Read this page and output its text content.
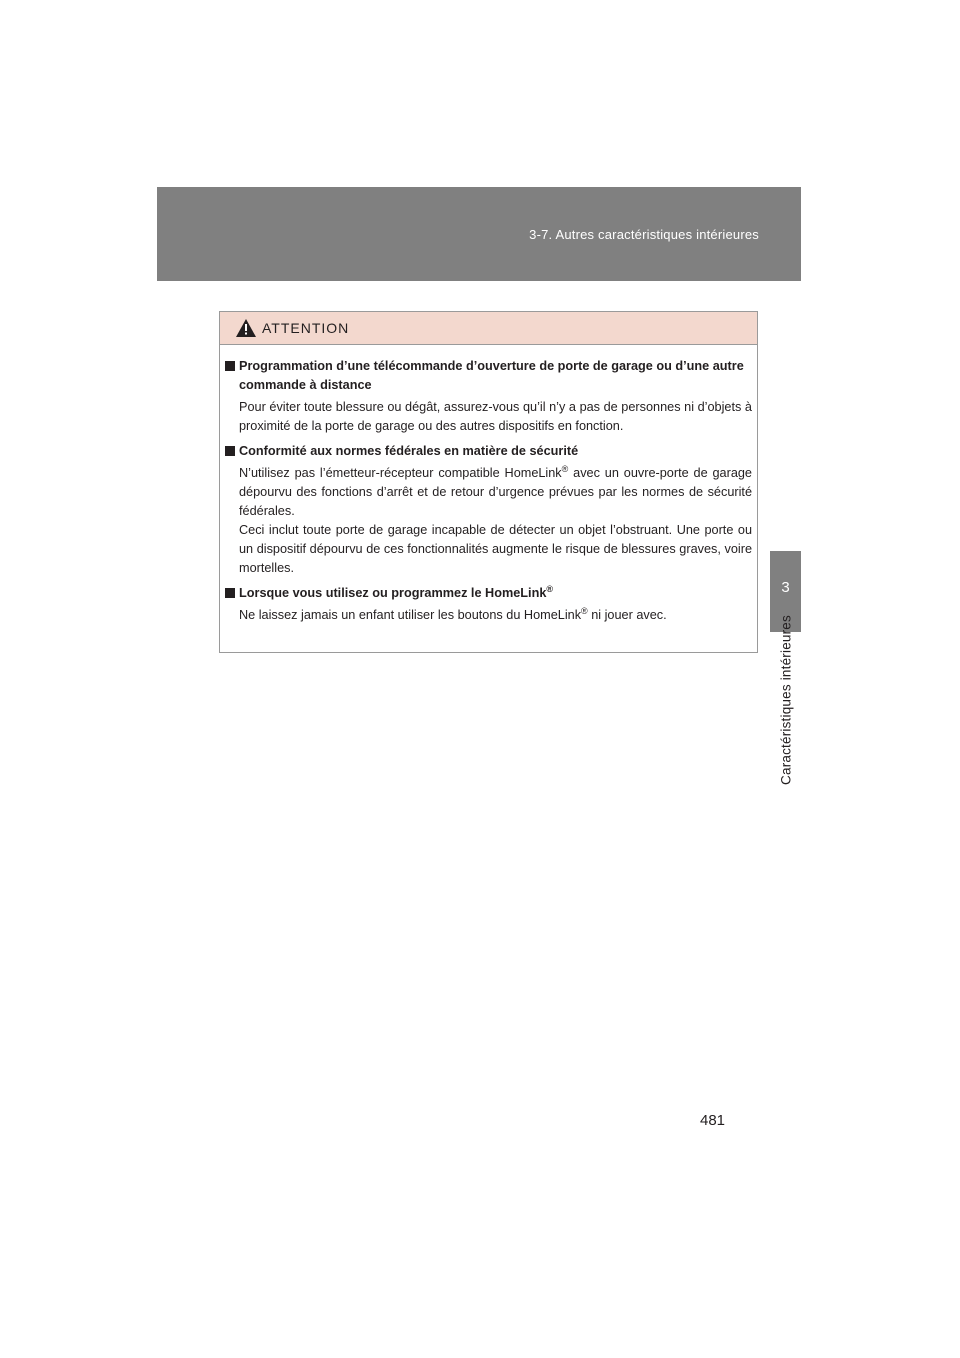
3-7. Autres caractéristiques intérieures
3
Caractéristiques intérieures
ATTENTION
Programmation d’une télécommande d’ouverture de porte de garage ou d’une autre commande à distance
Pour éviter toute blessure ou dégât, assurez-vous qu’il n’y a pas de personnes ni d’objets à proximité de la porte de garage ou des autres dispositifs en fonction.
Conformité aux normes fédérales en matière de sécurité
N’utilisez pas l’émetteur-récepteur compatible HomeLink® avec un ouvre-porte de garage dépourvu des fonctions d’arrêt et de retour d’urgence prévues par les normes de sécurité fédérales.
Ceci inclut toute porte de garage incapable de détecter un objet l’obstruant. Une porte ou un dispositif dépourvu de ces fonctionnalités augmente le risque de blessures graves, voire mortelles.
Lorsque vous utilisez ou programmez le HomeLink®
Ne laissez jamais un enfant utiliser les boutons du HomeLink® ni jouer avec.
481
